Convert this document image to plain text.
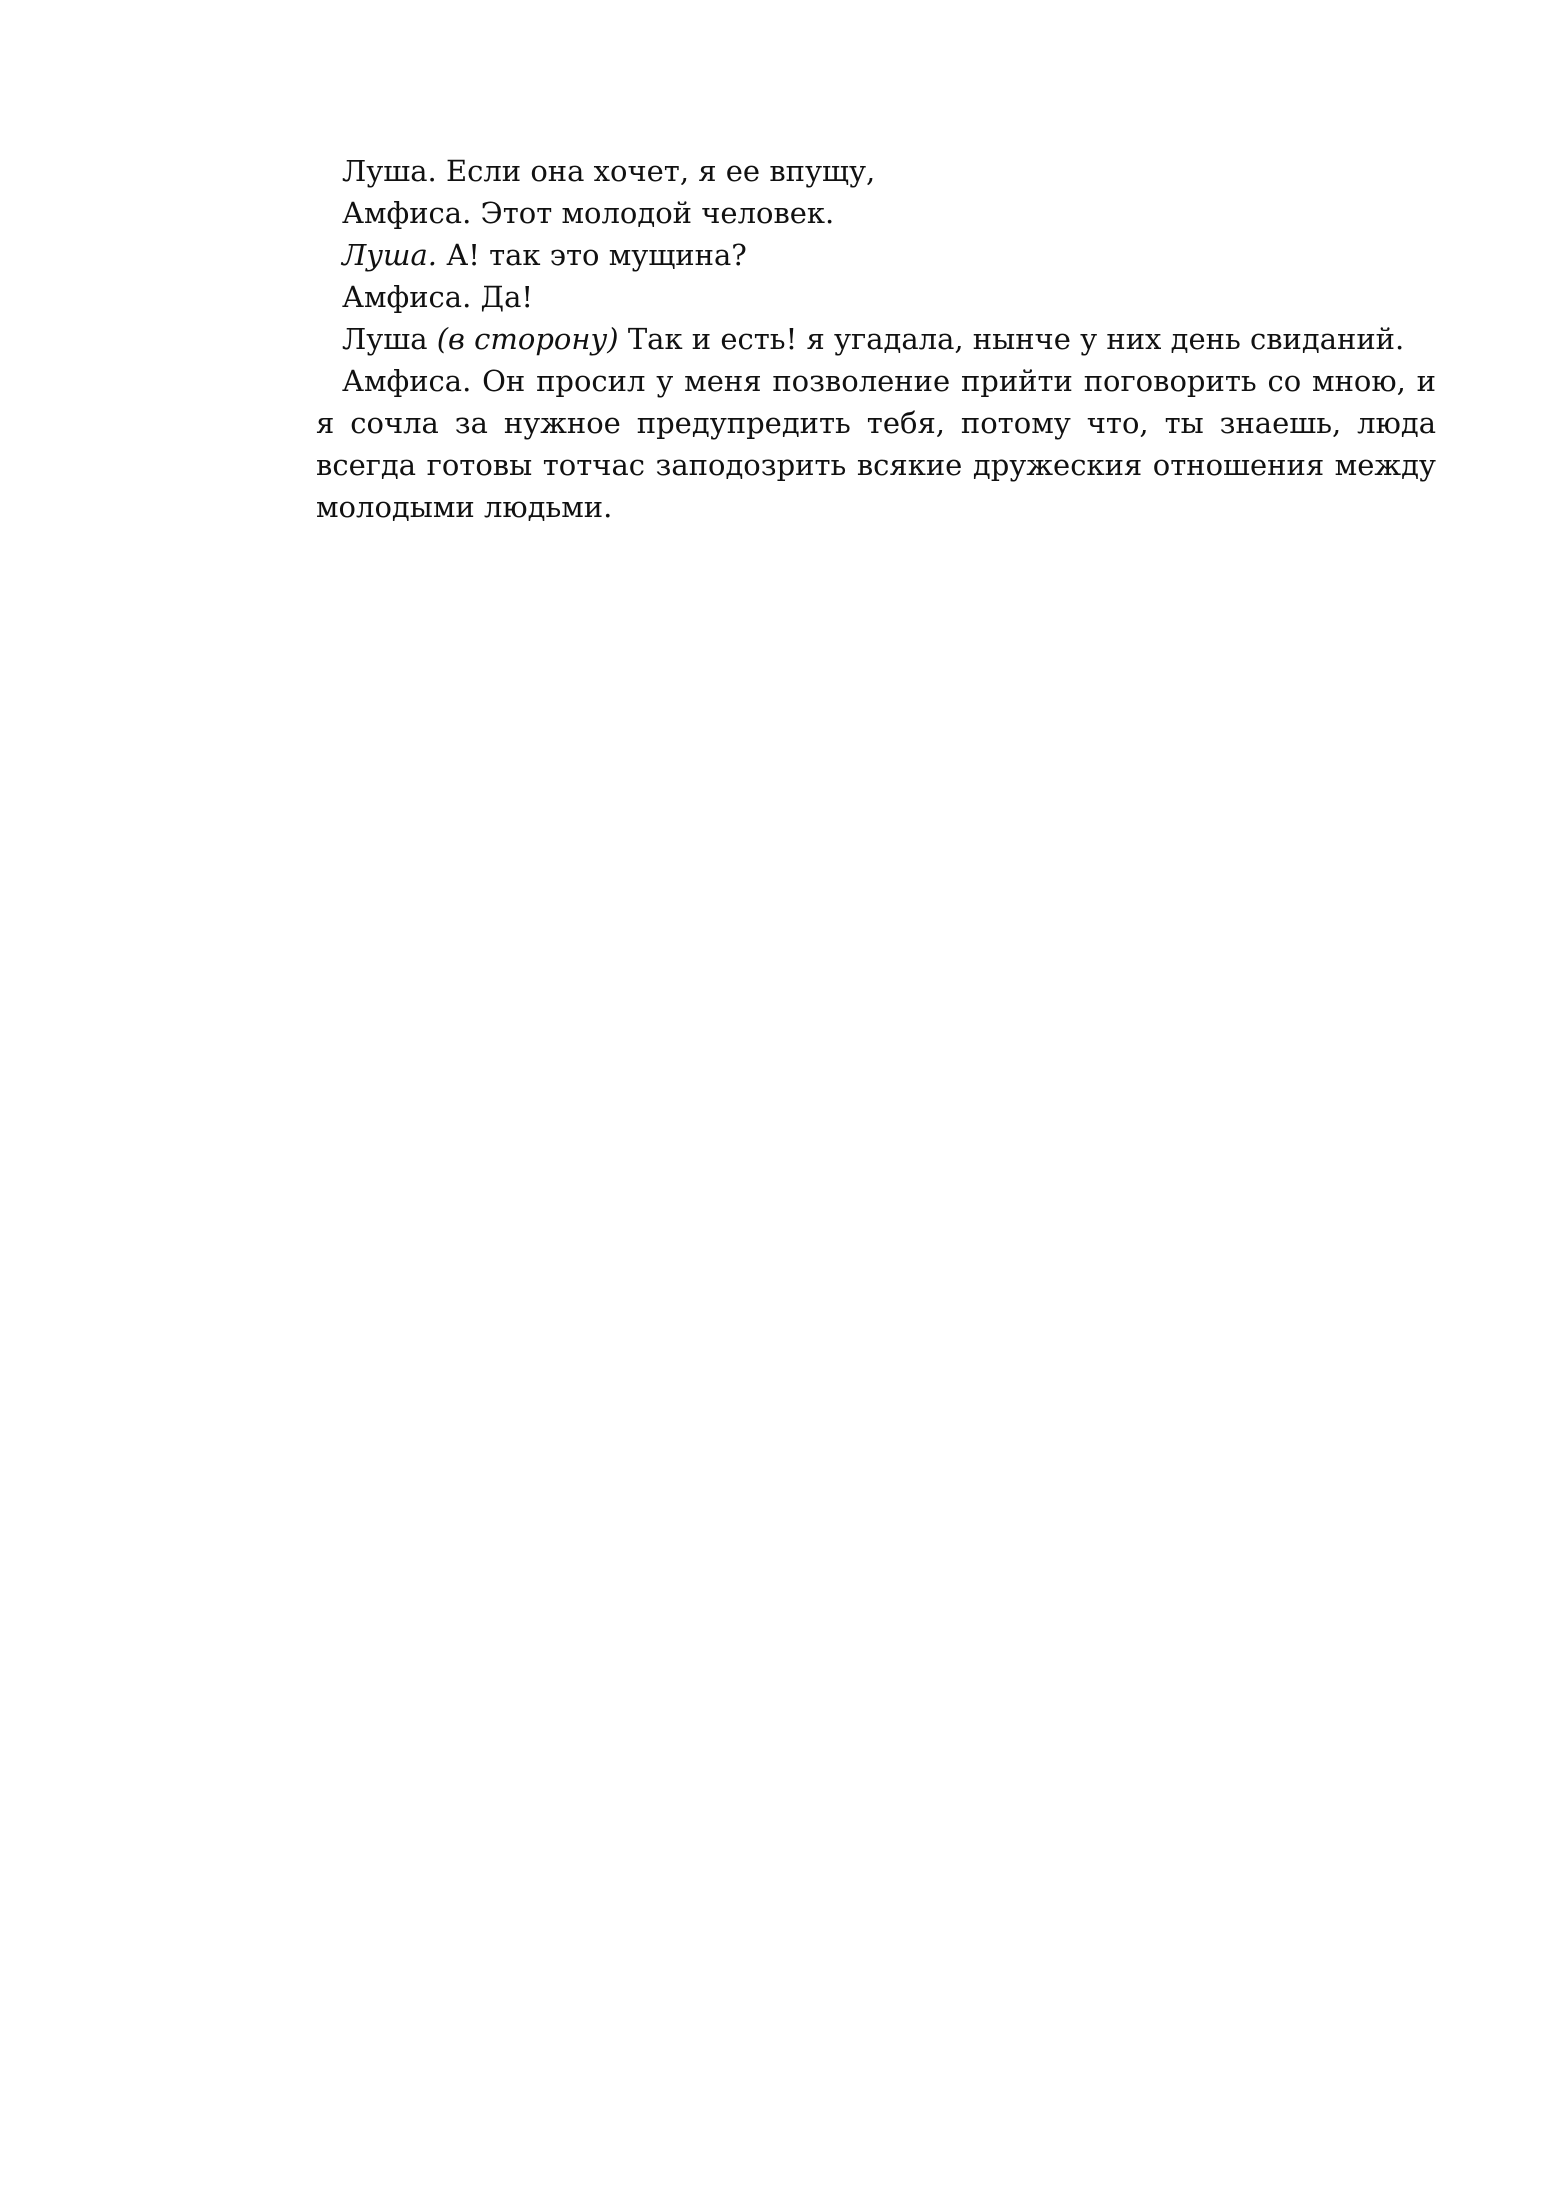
Луша. Если она хочет, я ее впущу,

Амфиса. Этот молодой человек.

Луша. А! так это мущина?

Амфиса. Да!

Луша (в сторону) Так и есть! я угадала, нынче у них день свиданий.

Амфиса. Он просил у меня позволение прийти поговорить со мною, и я сочла за нужное предупредить тебя, потому что, ты знаешь, люда всегда готовы тотчас заподозрить всякие дружеския отношения между молодыми людьми.
